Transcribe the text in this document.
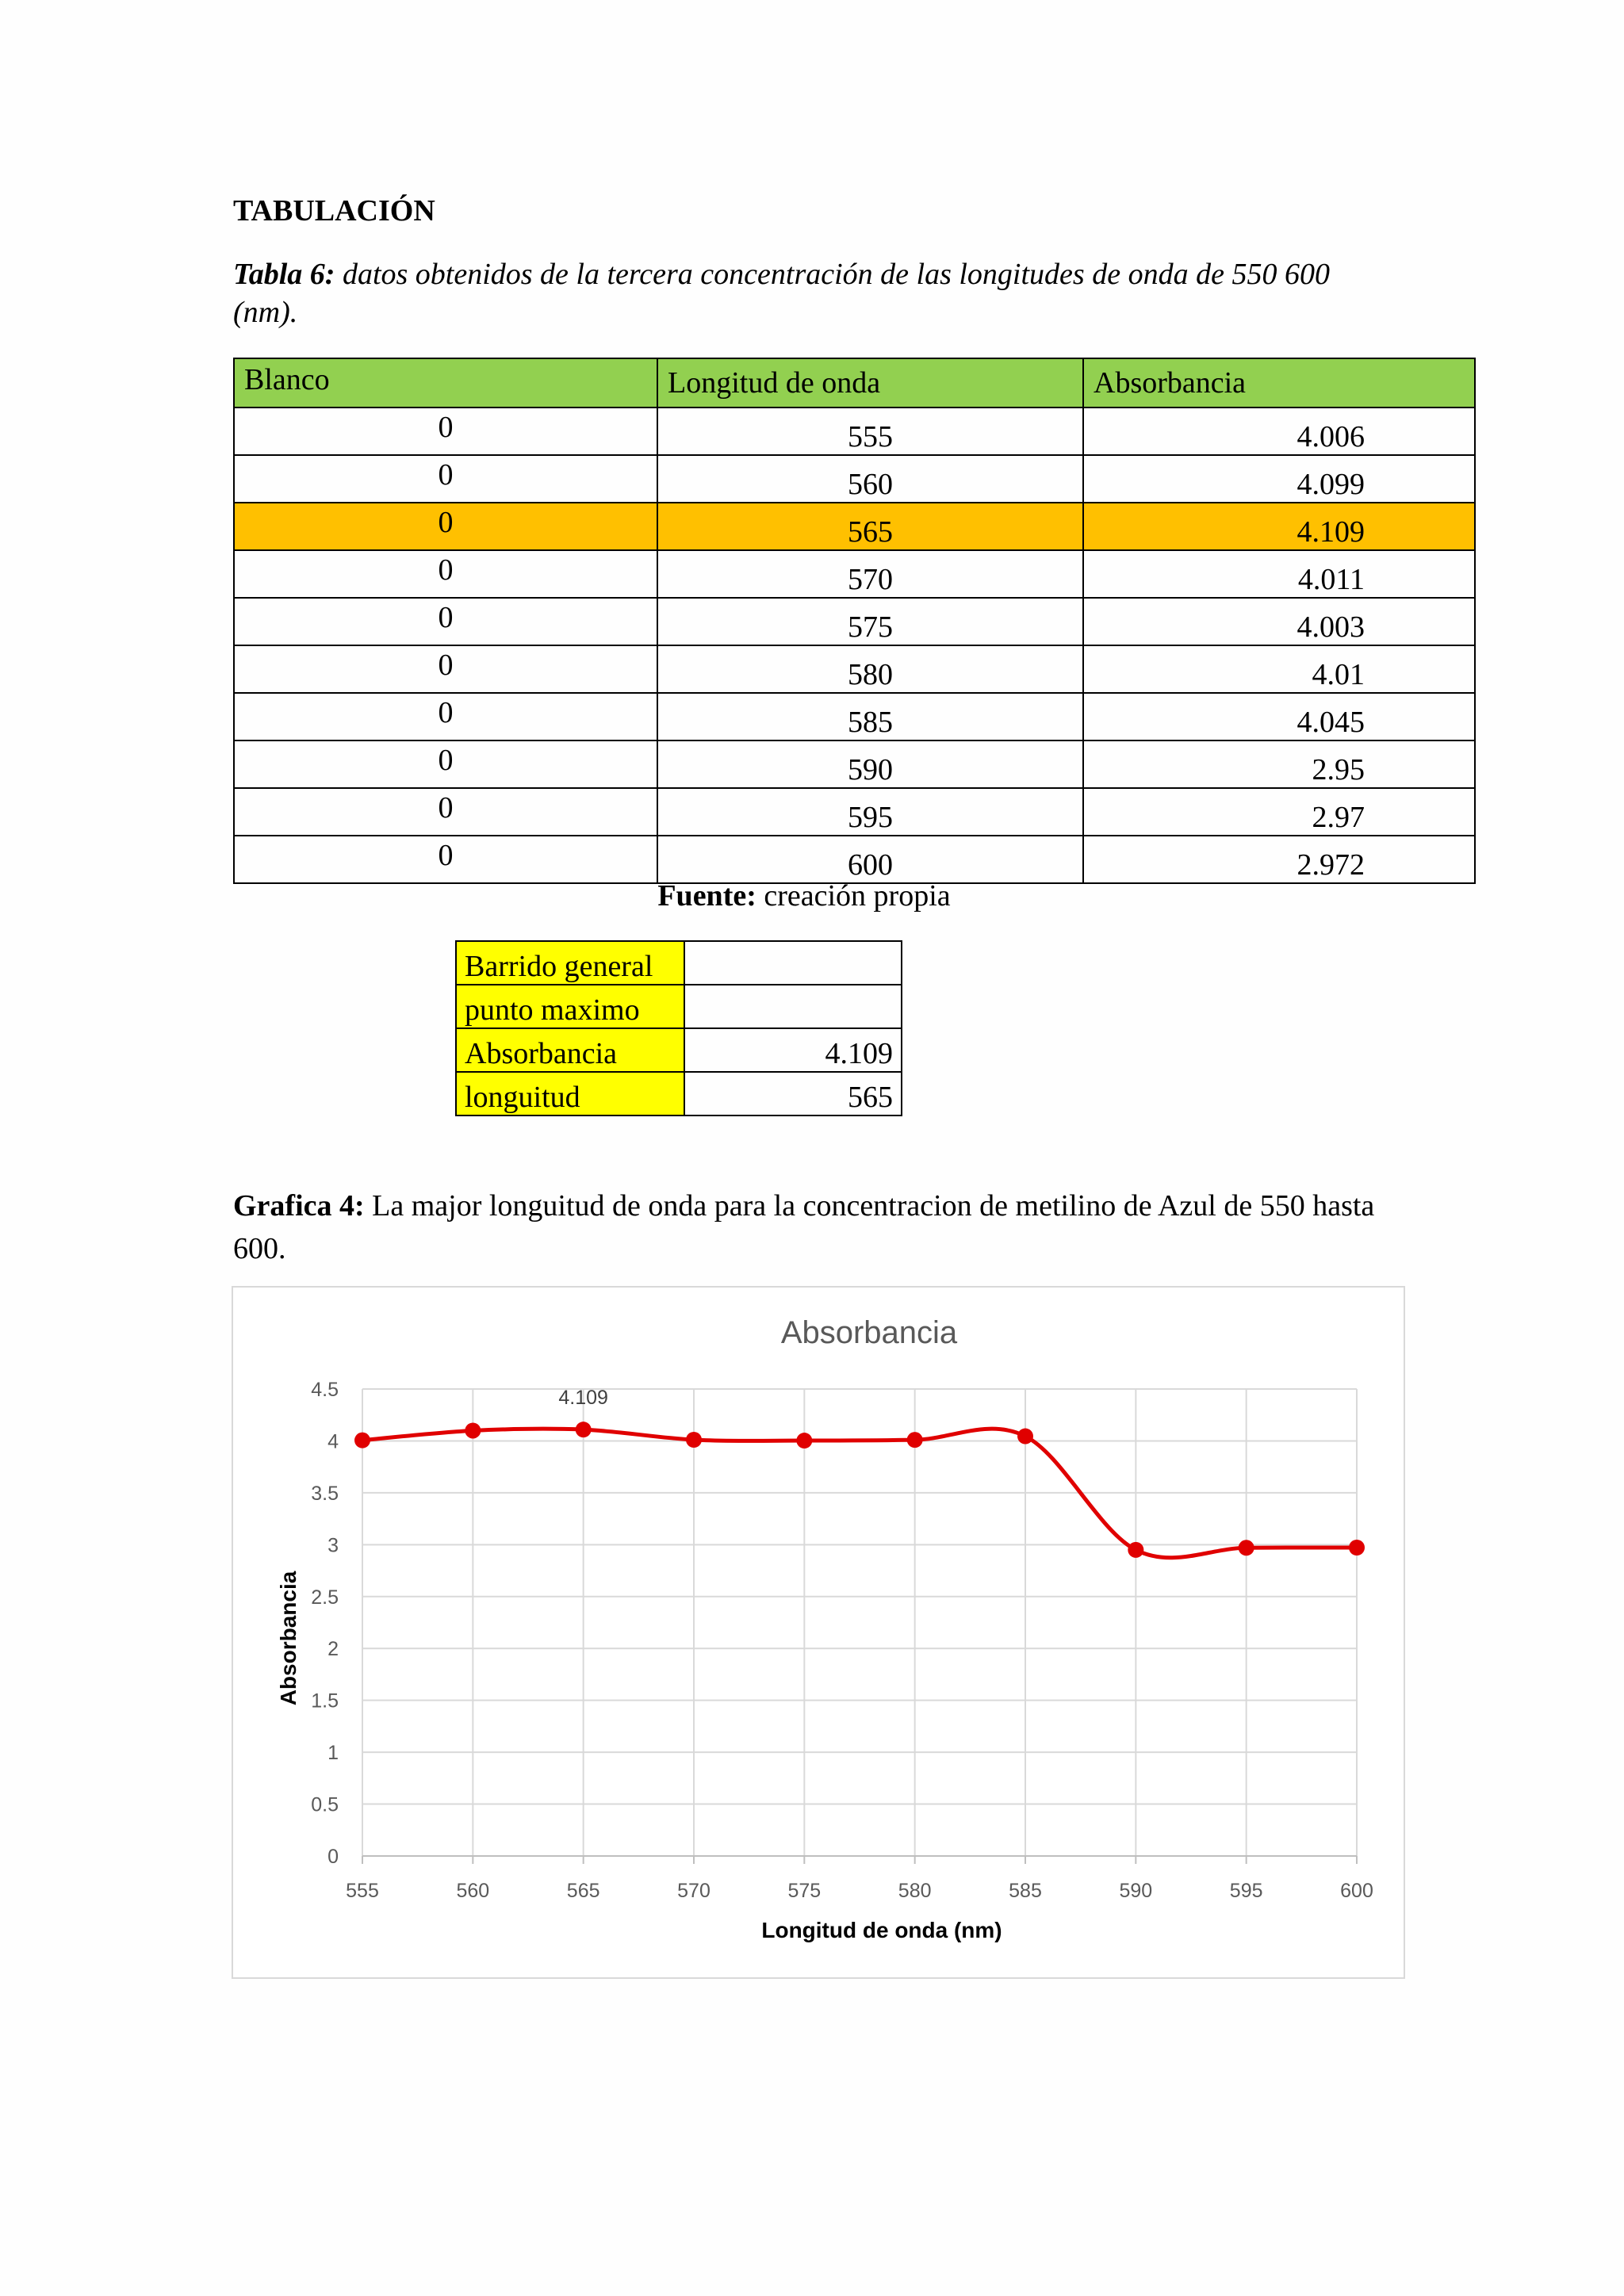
TABULACIÓN
Tabla 6: datos obtenidos de la tercera concentración de las longitudes de onda de 550 600 (nm).
Blanco	Longitud de onda	Absorbancia
0	555	4.006
0	560	4.099
0	565	4.109
0	570	4.011
0	575	4.003
0	580	4.01
0	585	4.045
0	590	2.95
0	595	2.97
0	600	2.972
Fuente: creación propia
Barrido general	
punto maximo	
Absorbancia	4.109
longuitud	565
Grafica 4: La major longuitud de onda para la concentracion de metilino de Azul de 550 hasta 600.
Absorbancia
0
0.5
1
1.5
2
2.5
3
3.5
4
4.5
555	560	565	570	575	580	585	590	595	600
Longitud de onda (nm)
Absorbancia
4.109
